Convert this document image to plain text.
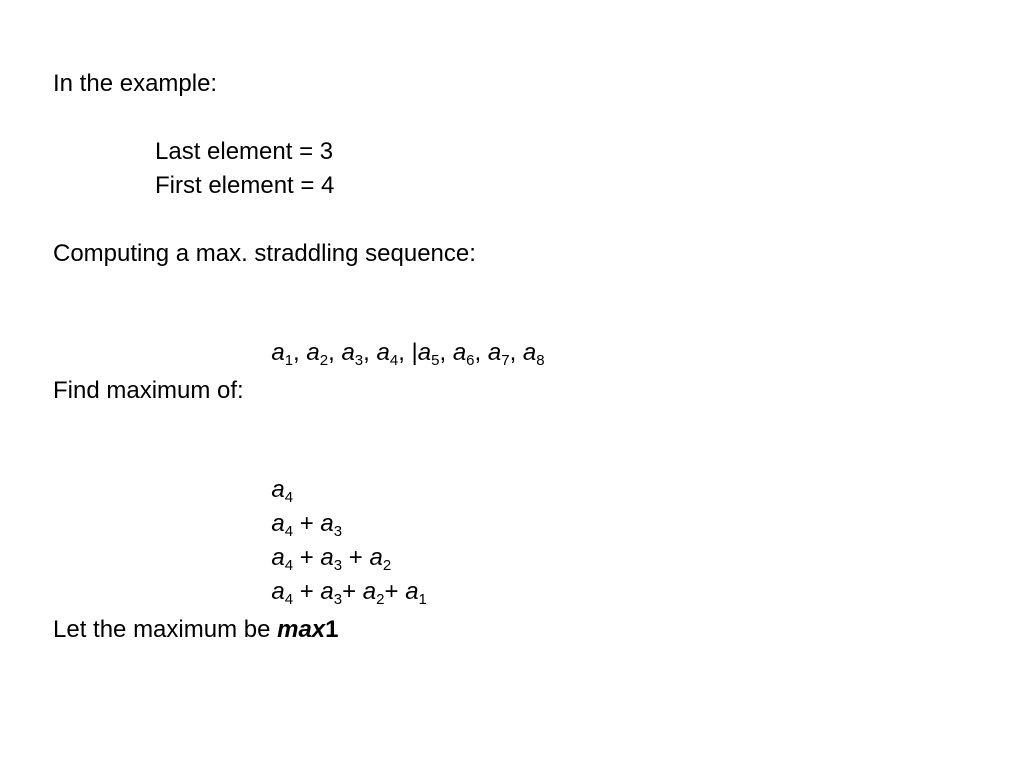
In the example:
Last element = 3
First element = 4
Computing a max. straddling sequence:

$a_1$, $a_2$, $a_3$, $a_4$, $|a_5$, $a_6$, $a_7$, $a_8$

Find maximum of:

$a_4$

$a_4 + a_3$

$a_4 + a_3 + a_2$

$a_4 + a_3+ a_2+ a_1$

Let the maximum be max1
